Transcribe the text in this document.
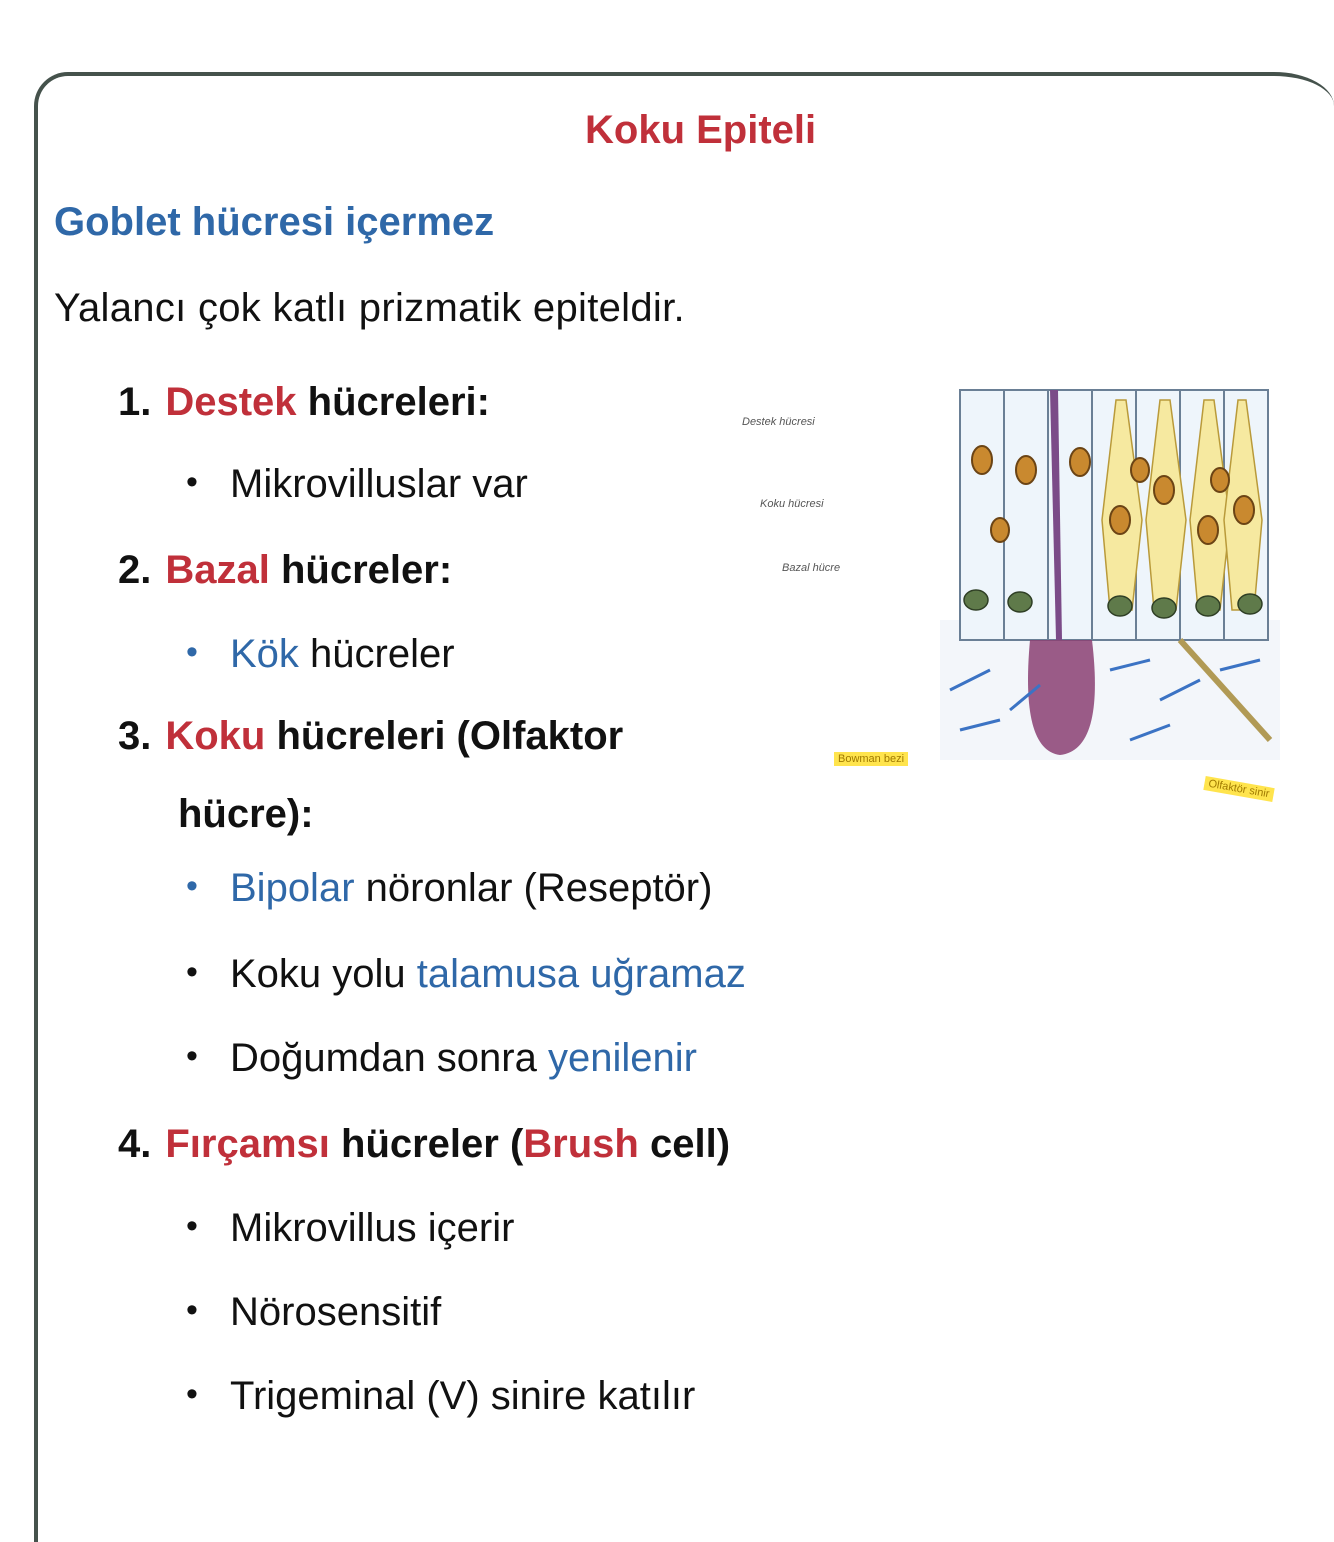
Koku Epiteli
Goblet hücresi içermez
Yalancı çok katlı prizmatik epiteldir.
1. Destek hücreleri:
• Mikrovilluslar var
2. Bazal hücreler:
• Kök hücreler
3. Koku hücreleri (Olfaktor
hücre):
• Bipolar nöronlar (Reseptör)
• Koku yolu talamusa uğramaz
• Doğumdan sonra yenilenir
4. Fırçamsı hücreler (Brush cell)
• Mikrovillus içerir
• Nörosensitif
• Trigeminal (V) sinire katılır
Destek hücresi
Koku hücresi
Bazal hücre
Bowman bezi
Olfaktör sinir
